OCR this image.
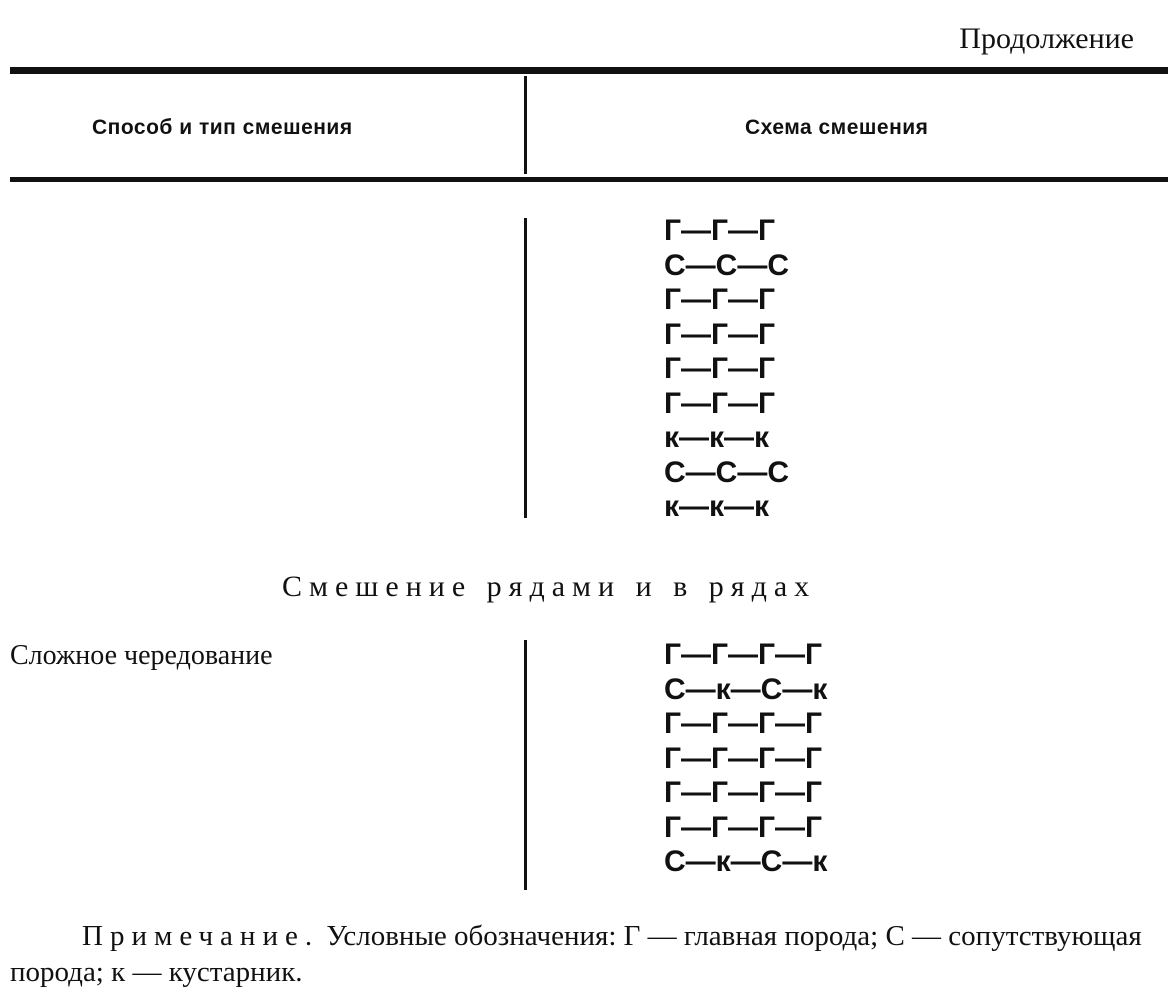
Продолжение
Способ и тип смешения	Схема смешения
Г—Г—Г
С—С—С
Г—Г—Г
Г—Г—Г
Г—Г—Г
Г—Г—Г
к—к—к
С—С—С
к—к—к
Смешение рядами и в рядах
Сложное чередование	Г—Г—Г—Г
С—к—С—к
Г—Г—Г—Г
Г—Г—Г—Г
Г—Г—Г—Г
Г—Г—Г—Г
С—к—С—к

Примечание. Условные обозначения: Г — главная порода; С — сопутствующая порода; к — кустарник.
